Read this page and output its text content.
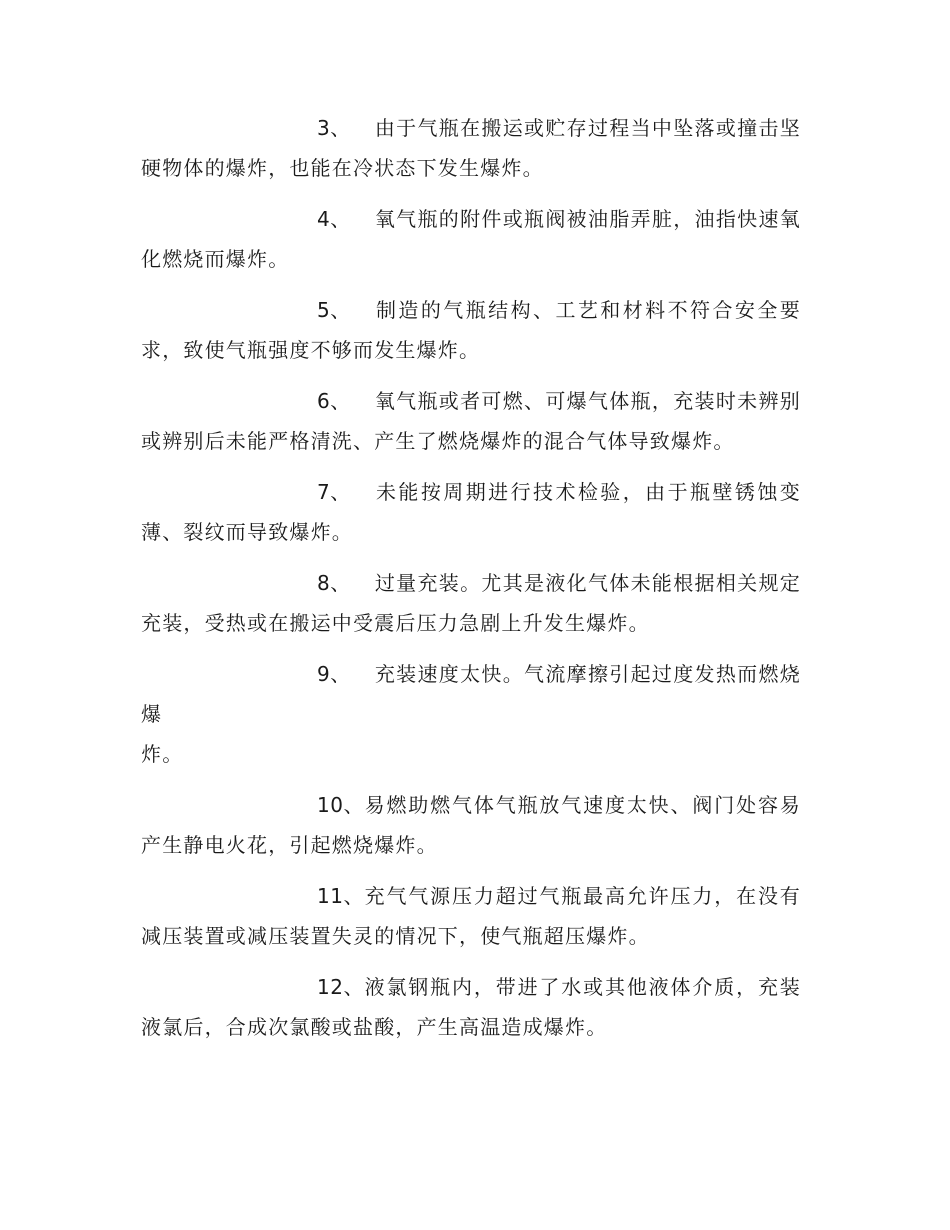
3、 由于气瓶在搬运或贮存过程当中坠落或撞击坚硬物体的爆炸，也能在冷状态下发生爆炸。

4、 氧气瓶的附件或瓶阀被油脂弄脏，油指快速氧化燃烧而爆炸。

5、 制造的气瓶结构、工艺和材料不符合安全要求，致使气瓶强度不够而发生爆炸。

6、 氧气瓶或者可燃、可爆气体瓶，充装时未辨别或辨别后未能严格清洗、产生了燃烧爆炸的混合气体导致爆炸。

7、 未能按周期进行技术检验，由于瓶壁锈蚀变薄、裂纹而导致爆炸。

8、 过量充装。尤其是液化气体未能根据相关规定充装，受热或在搬运中受震后压力急剧上升发生爆炸。

9、 充装速度太快。气流摩擦引起过度发热而燃烧爆
炸。

10、易燃助燃气体气瓶放气速度太快、阀门处容易产生静电火花，引起燃烧爆炸。

11、充气气源压力超过气瓶最高允许压力，在没有减压装置或减压装置失灵的情况下，使气瓶超压爆炸。

12、液氯钢瓶内，带进了水或其他液体介质，充装液氯后，合成次氯酸或盐酸，产生高温造成爆炸。
